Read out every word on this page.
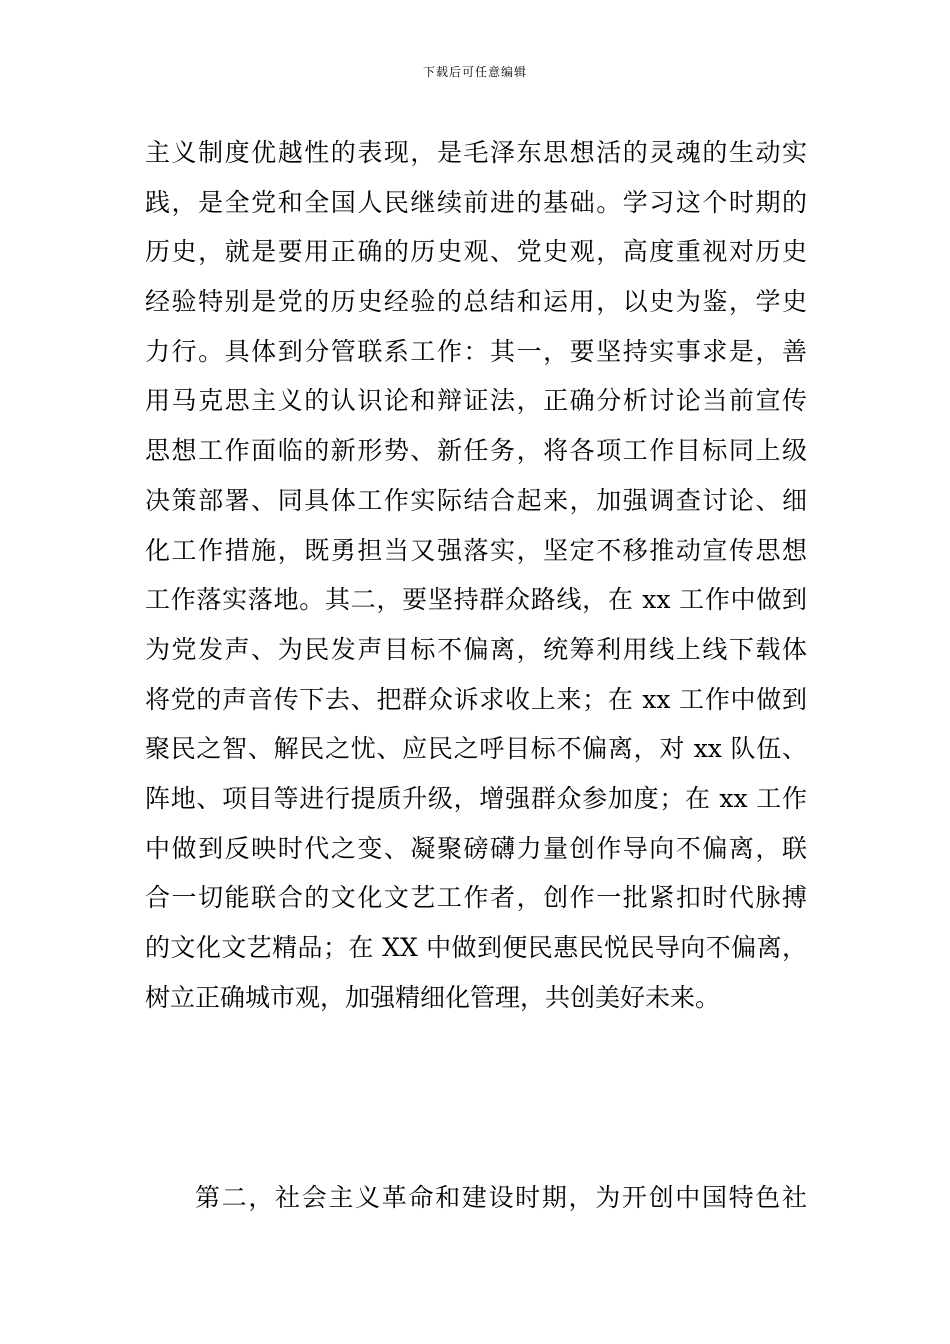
下载后可任意编辑
主义制度优越性的表现，是毛泽东思想活的灵魂的生动实
践，是全党和全国人民继续前进的基础。学习这个时期的
历史，就是要用正确的历史观、党史观，高度重视对历史
经验特别是党的历史经验的总结和运用，以史为鉴，学史
力行。具体到分管联系工作：其一，要坚持实事求是，善
用马克思主义的认识论和辩证法，正确分析讨论当前宣传
思想工作面临的新形势、新任务，将各项工作目标同上级
决策部署、同具体工作实际结合起来，加强调查讨论、细
化工作措施，既勇担当又强落实，坚定不移推动宣传思想
工作落实落地。其二，要坚持群众路线，在 xx 工作中做到
为党发声、为民发声目标不偏离，统筹利用线上线下载体
将党的声音传下去、把群众诉求收上来；在 xx 工作中做到
聚民之智、解民之忧、应民之呼目标不偏离，对 xx 队伍、
阵地、项目等进行提质升级，增强群众参加度；在 xx 工作
中做到反映时代之变、凝聚磅礴力量创作导向不偏离，联
合一切能联合的文化文艺工作者，创作一批紧扣时代脉搏
的文化文艺精品；在 XX 中做到便民惠民悦民导向不偏离，
树立正确城市观，加强精细化管理，共创美好未来。
第二，社会主义革命和建设时期，为开创中国特色社
